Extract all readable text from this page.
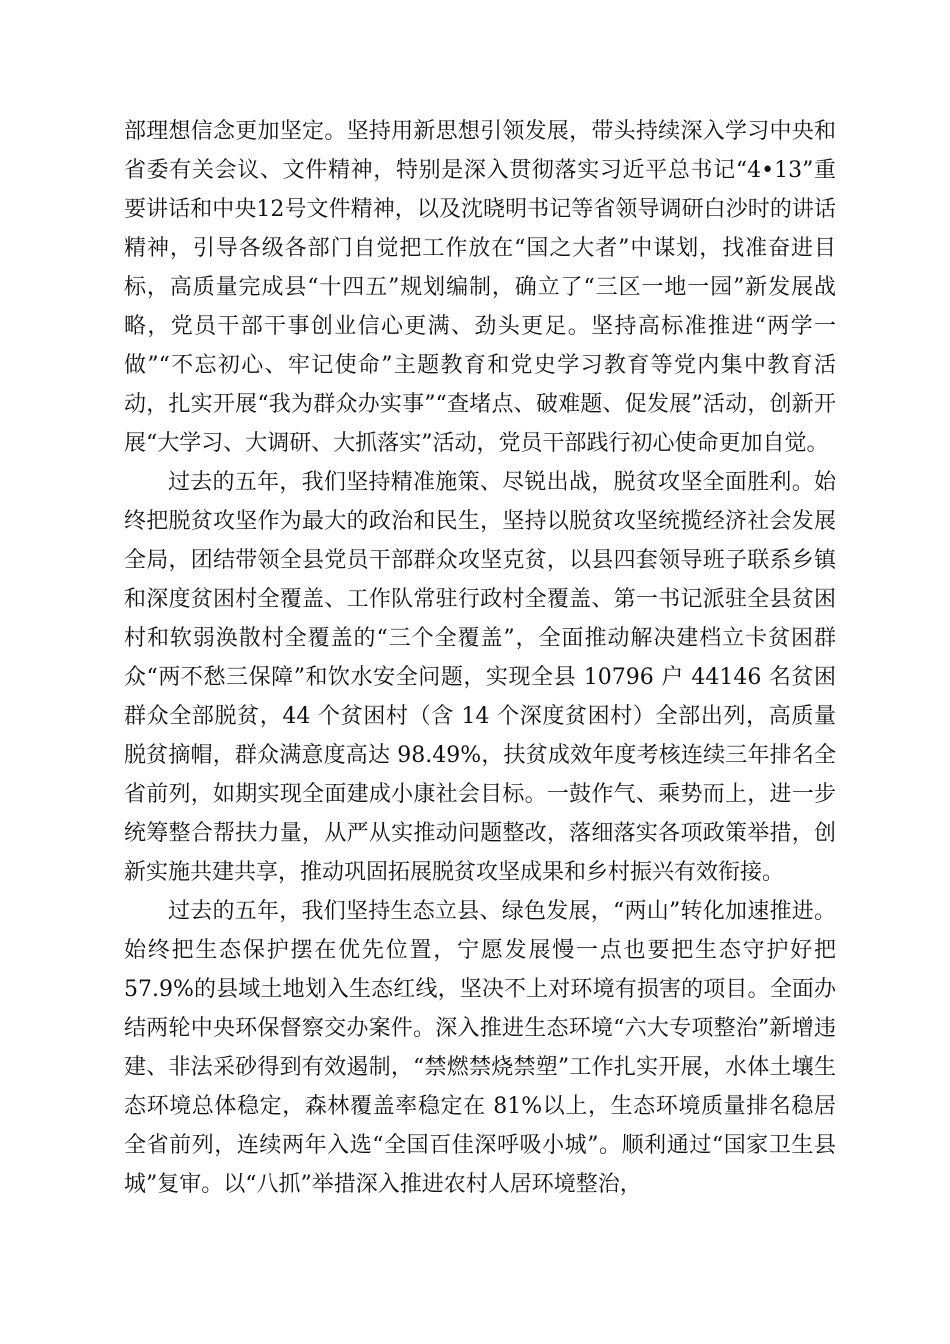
部理想信念更加坚定。坚持用新思想引领发展，带头持续深入学习中央和省委有关会议、文件精神，特别是深入贯彻落实习近平总书记“4•13”重要讲话和中央12号文件精神，以及沈晓明书记等省领导调研白沙时的讲话精神，引导各级各部门自觉把工作放在“国之大者”中谋划，找准奋进目标，高质量完成县“十四五”规划编制，确立了“三区一地一园”新发展战略，党员干部干事创业信心更满、劲头更足。坚持高标准推进“两学一做”“不忘初心、牢记使命”主题教育和党史学习教育等党内集中教育活动，扎实开展“我为群众办实事”“查堵点、破难题、促发展”活动，创新开展“大学习、大调研、大抓落实”活动，党员干部践行初心使命更加自觉。

过去的五年，我们坚持精准施策、尽锐出战，脱贫攻坚全面胜利。始终把脱贫攻坚作为最大的政治和民生，坚持以脱贫攻坚统揽经济社会发展全局，团结带领全县党员干部群众攻坚克贫，以县四套领导班子联系乡镇和深度贫困村全覆盖、工作队常驻行政村全覆盖、第一书记派驻全县贫困村和软弱涣散村全覆盖的“三个全覆盖”，全面推动解决建档立卡贫困群众“两不愁三保障”和饮水安全问题，实现全县 10796 户 44146 名贫困群众全部脱贫，44 个贫困村（含 14 个深度贫困村）全部出列，高质量脱贫摘帽，群众满意度高达 98.49%，扶贫成效年度考核连续三年排名全省前列，如期实现全面建成小康社会目标。一鼓作气、乘势而上，进一步统筹整合帮扶力量，从严从实推动问题整改，落细落实各项政策举措，创新实施共建共享，推动巩固拓展脱贫攻坚成果和乡村振兴有效衔接。

过去的五年，我们坚持生态立县、绿色发展，“两山”转化加速推进。始终把生态保护摆在优先位置，宁愿发展慢一点也要把生态守护好把 57.9%的县域土地划入生态红线，坚决不上对环境有损害的项目。全面办结两轮中央环保督察交办案件。深入推进生态环境“六大专项整治”新增违建、非法采砂得到有效遏制，“禁燃禁烧禁塑”工作扎实开展，水体土壤生态环境总体稳定，森林覆盖率稳定在 81%以上，生态环境质量排名稳居全省前列，连续两年入选“全国百佳深呼吸小城”。顺利通过“国家卫生县城”复审。以“八抓”举措深入推进农村人居环境整治，
